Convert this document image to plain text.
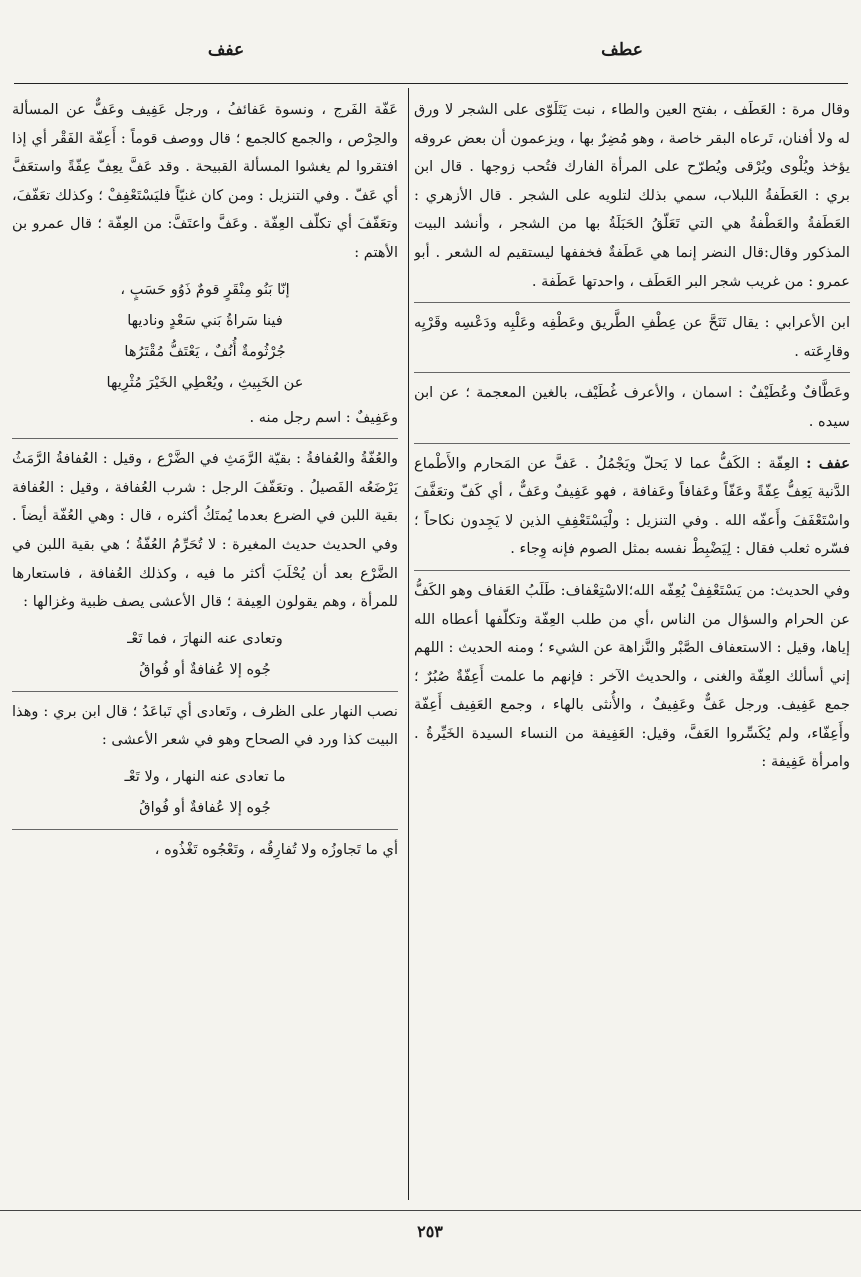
عطف
عفف

وقال مرة : العَطَف ، بفتح العين والطاء ، نبت يَتَلَوّى على الشجر لا ورق له ولا أفنان، تَرعاه البقر خاصة ، وهو مُضِرٌ بها ، ويزعمون أن بعض عروقه يؤخذ ويُلْوى ويُرْقى ويُطرّح على المرأة الفارك فتُحب زوجها . قال ابن بري : العَطَفةُ اللبلاب، سمي بذلك لتلويه على الشجر . قال الأزهري : العَطَفةُ والعَطْفةُ هي التي تَعَلّقُ الحَبَلَةُ بها من الشجر ، وأنشد البيت المذكور وقال:قال النضر إنما هي عَطَفةٌ فخففها ليستقيم له الشعر . أبو عمرو : من غريب شجر البر العَطَف ، واحدتها عَطَفة .

ابن الأعرابي : يقال تَنَحَّ عن عِطْفِ الطَّريق وعَطْفِه وعَلْبِه ودَعْسِه وقَرْيِه وقارِعَته .

وعَطَّافٌ وعُطَيْفٌ : اسمان ، والأعرف غُطَيْف، بالغين المعجمة ؛ عن ابن سيده .

عفف : العِفّة : الكَفُّ عما لا يَحلّ ويَجْمُلُ . عَفَّ عن المَحارم والأَطْماع الدَّنية يَعِفُّ عِفّةً وعَفّاً وعَفافاً وعَفافة ، فهو عَفِيفٌ وعَفٌّ ، أي كَفّ وتعَفَّفَ واسْتَعْفَفَ وأَعفّه الله . وفي التنزيل : ولْيَسْتَعْفِفِ الذين لا يَجِدون نكاحاً ؛ فسّره ثعلب فقال : لِيَضْبِطْ نفسه بمثل الصوم فإنه وِجاء .

وفي الحديث: من يَسْتَعْفِفْ يُعِفّه الله؛الاسْتِعْفاف: طَلَبُ العَفاف وهو الكَفُّ عن الحرام والسؤال من الناس ،أي من طلب العِفّة وتكلّفها أعطاه الله إياها، وقيل : الاستعفاف الصَّبْر والنَّزاهة عن الشيء ؛ ومنه الحديث : اللهم إني أسألك العِفّة والغنى ، والحديث الآخر : فإنهم ما علمت أَعِفّةٌ صُبُرٌ ؛ جمع عَفِيف. ورجل عَفٌّ وعَفِيفٌ ، والأُنثى بالهاء ، وجمع العَفِيف أَعِفّة وأَعِفّاء، ولم يُكَسِّروا العَفَّ، وقيل: العَفِيفة من النساء السيدة الخَيِّرةُ . وامرأة عَفِيفة :

عَفّة الفَرج ، ونسوة عَفائفُ ، ورجل عَفِيف وعَفٌّ عن المسألة والحِرْص ، والجمع كالجمع ؛ قال ووصف قوماً : أَعِفّة الفَقْر أي إذا افتقروا لم يغشوا المسألة القبيحة . وقد عَفَّ يعِفّ عِفّةً واستعَفَّ أي عَفّ . وفي التنزيل : ومن كان غنيّاً فليَسْتَعْفِفْ ؛ وكذلك تعَفّفَ، وتعَفّفَ أي تكلّف العِفّة . وعَفَّ واعتَفَّ: من العِفّة ؛ قال عمرو بن الأهتم :

إنّا بَنُو مِنْقَرٍ قومٌ ذَوُو حَسَبٍ ،
فينا سَراةُ بَني سَعْدٍ وناديها
جُرْثُومةٌ أُنُفٌ ، يَعْتَفُّ مُقْتَرُها
عن الخَبِيثِ ، ويُعْطِي الخَيْرَ مُثْرِيها

وعَفِيفٌ : اسم رجل منه .

والعُفّةُ والعُفافةُ : بقيّة الرَّمَثِ في الضَّرْع ، وقيل : العُفافةُ الرَّمَثُ يَرْضَعُه الفَصيلُ . وتعَفّفَ الرجل : شرب العُفافة ، وقيل : العُفافة بقية اللبن في الضرع بعدما يُمتَكُ أكثره ، قال : وهي العُفّة أيضاً . وفي الحديث حديث المغيرة : لا تُحَرِّمُ العُفّةُ ؛ هي بقية اللبن في الضَّرْع بعد أن يُحْلَبَ أكثر ما فيه ، وكذلك العُفافة ، فاستعارها للمرأة ، وهم يقولون العِيفة ؛ قال الأعشى يصف ظبية وغزالها :

وتعادى عنه النهارَ ، فما تَعْـ
جُوه إلا عُفافةٌ أو فُواقُ

نصب النهار على الظرف ، وتَعادى أي تَباعَدُ ؛ قال ابن بري : وهذا البيت كذا ورد في الصحاح وهو في شعر الأعشى :

ما تعادى عنه النهار ، ولا تَعْـ
جُوه إلا عُفافةٌ أو فُواقُ

أي ما تَجاوزُه ولا تُفارِقُه ، وتَعْجُوه تَغْذُوه ،

٢٥٣
